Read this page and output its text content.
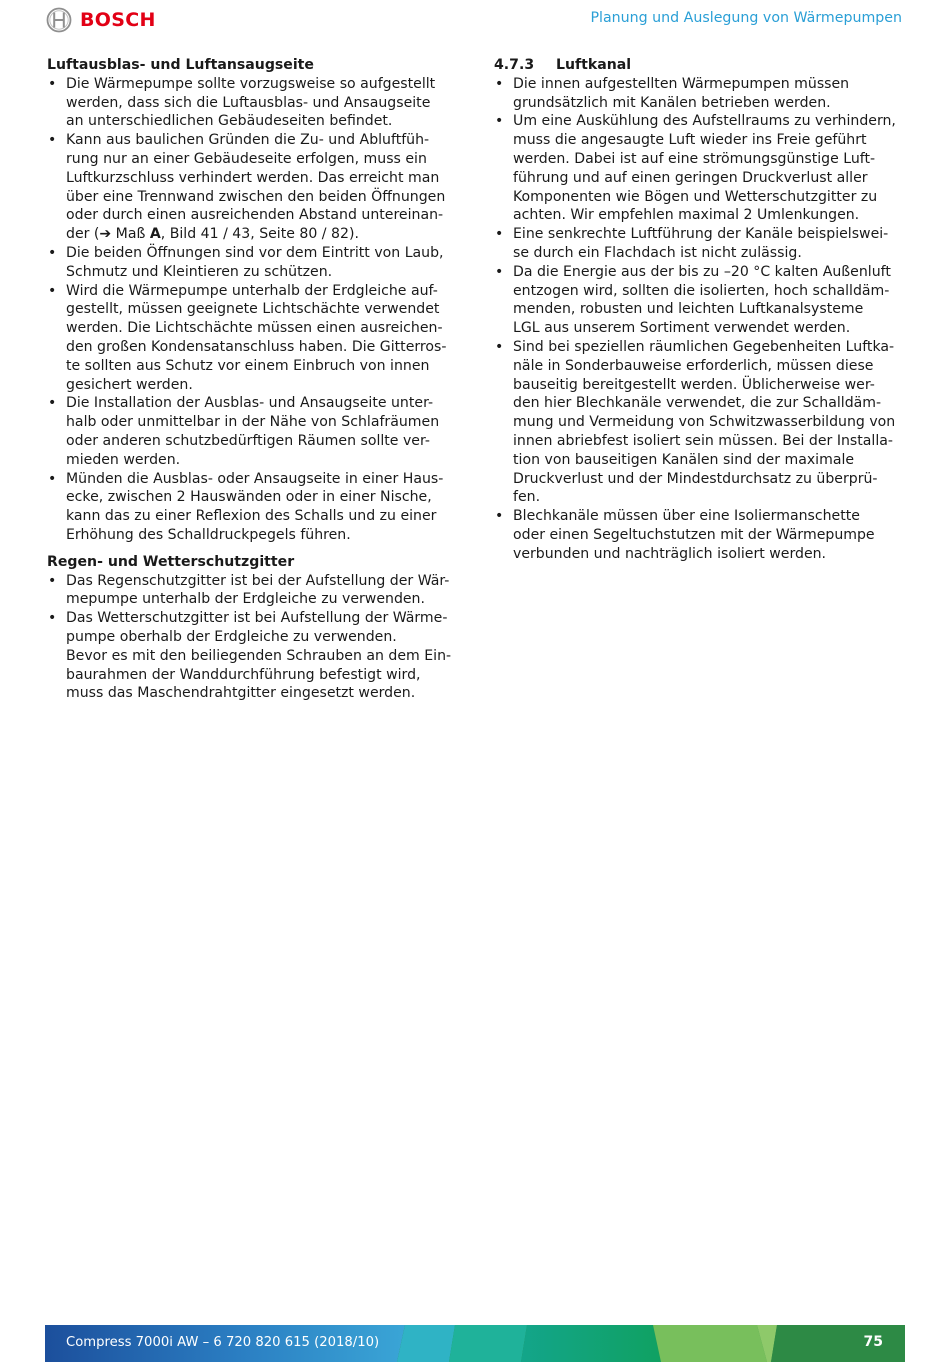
BOSCH	Planung und Auslegung von Wärmepumpen

Luftausblas- und Luftansaugseite

• Die Wärmepumpe sollte vorzugsweise so aufgestellt
werden, dass sich die Luftausblas- und Ansaugseite
an unterschiedlichen Gebäudeseiten befindet.
• Kann aus baulichen Gründen die Zu- und Abluftfüh-
rung nur an einer Gebäudeseite erfolgen, muss ein
Luftkurzschluss verhindert werden. Das erreicht man
über eine Trennwand zwischen den beiden Öffnungen
oder durch einen ausreichenden Abstand untereinan-
der (➔ Maß A, Bild 41 / 43, Seite 80 / 82).
• Die beiden Öffnungen sind vor dem Eintritt von Laub,
Schmutz und Kleintieren zu schützen.
• Wird die Wärmepumpe unterhalb der Erdgleiche auf-
gestellt, müssen geeignete Lichtschächte verwendet
werden. Die Lichtschächte müssen einen ausreichen-
den großen Kondensatanschluss haben. Die Gitterros-
te sollten aus Schutz vor einem Einbruch von innen
gesichert werden.
• Die Installation der Ausblas- und Ansaugseite unter-
halb oder unmittelbar in der Nähe von Schlafräumen
oder anderen schutzbedürftigen Räumen sollte ver-
mieden werden.
• Münden die Ausblas- oder Ansaugseite in einer Haus-
ecke, zwischen 2 Hauswänden oder in einer Nische,
kann das zu einer Reflexion des Schalls und zu einer
Erhöhung des Schalldruckpegels führen.

Regen- und Wetterschutzgitter

• Das Regenschutzgitter ist bei der Aufstellung der Wär-
mepumpe unterhalb der Erdgleiche zu verwenden.
• Das Wetterschutzgitter ist bei Aufstellung der Wärme-
pumpe oberhalb der Erdgleiche zu verwenden.
Bevor es mit den beiliegenden Schrauben an dem Ein-
baurahmen der Wanddurchführung befestigt wird,
muss das Maschendrahtgitter eingesetzt werden.

4.7.3 Luftkanal

• Die innen aufgestellten Wärmepumpen müssen
grundsätzlich mit Kanälen betrieben werden.
• Um eine Auskühlung des Aufstellraums zu verhindern,
muss die angesaugte Luft wieder ins Freie geführt
werden. Dabei ist auf eine strömungsgünstige Luft-
führung und auf einen geringen Druckverlust aller
Komponenten wie Bögen und Wetterschutzgitter zu
achten. Wir empfehlen maximal 2 Umlenkungen.
• Eine senkrechte Luftführung der Kanäle beispielswei-
se durch ein Flachdach ist nicht zulässig.
• Da die Energie aus der bis zu –20 °C kalten Außenluft
entzogen wird, sollten die isolierten, hoch schalldäm-
menden, robusten und leichten Luftkanalsysteme
LGL aus unserem Sortiment verwendet werden.
• Sind bei speziellen räumlichen Gegebenheiten Luftka-
näle in Sonderbauweise erforderlich, müssen diese
bauseitig bereitgestellt werden. Üblicherweise wer-
den hier Blechkanäle verwendet, die zur Schalldäm-
mung und Vermeidung von Schwitzwasserbildung von
innen abriebfest isoliert sein müssen. Bei der Installa-
tion von bauseitigen Kanälen sind der maximale
Druckverlust und der Mindestdurchsatz zu überprü-
fen.
• Blechkanäle müssen über eine Isoliermanschette
oder einen Segeltuchstutzen mit der Wärmepumpe
verbunden und nachträglich isoliert werden.
Compress 7000i AW – 6 720 820 615 (2018/10)	75
